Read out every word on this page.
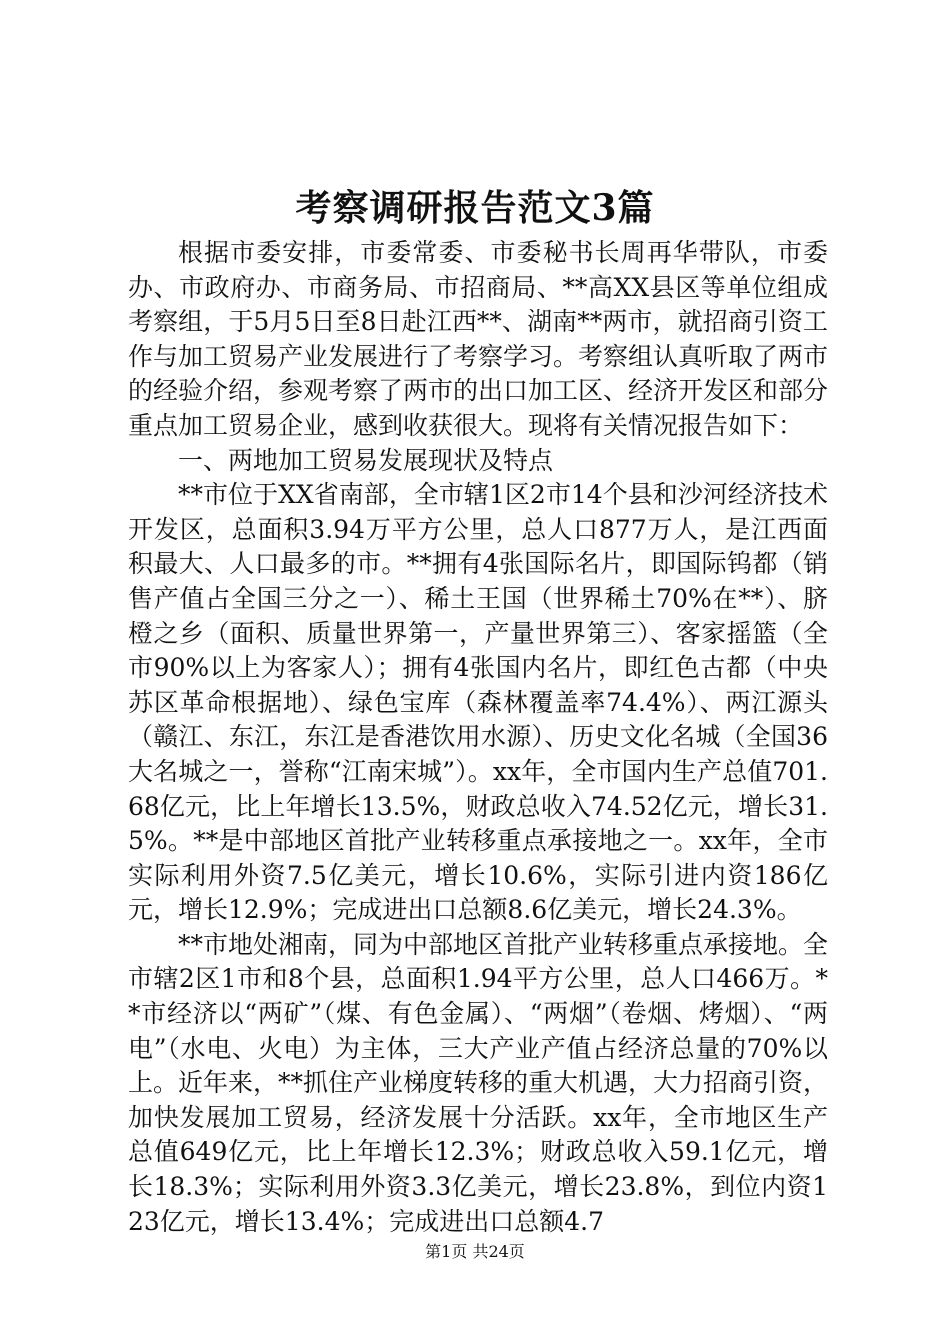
考察调研报告范文3篇

根据市委安排，市委常委、市委秘书长周再华带队，市委办、市政府办、市商务局、市招商局、**高XX县区等单位组成考察组，于5月5日至8日赴江西**、湖南**两市，就招商引资工作与加工贸易产业发展进行了考察学习。考察组认真听取了两市的经验介绍，参观考察了两市的出口加工区、经济开发区和部分重点加工贸易企业，感到收获很大。现将有关情况报告如下：

一、两地加工贸易发展现状及特点

**市位于XX省南部，全市辖1区2市14个县和沙河经济技术开发区，总面积3.94万平方公里，总人口877万人，是江西面积最大、人口最多的市。**拥有4张国际名片，即国际钨都（销售产值占全国三分之一）、稀土王国（世界稀土70%在**）、脐橙之乡（面积、质量世界第一，产量世界第三）、客家摇篮（全市90%以上为客家人）；拥有4张国内名片，即红色古都（中央苏区革命根据地）、绿色宝库（森林覆盖率74.4%）、两江源头（赣江、东江，东江是香港饮用水源）、历史文化名城（全国36大名城之一，誉称“江南宋城”）。xx年，全市国内生产总值701.68亿元，比上年增长13.5%，财政总收入74.52亿元，增长31.5%。**是中部地区首批产业转移重点承接地之一。xx年，全市实际利用外资7.5亿美元，增长10.6%，实际引进内资186亿元，增长12.9%；完成进出口总额8.6亿美元，增长24.3%。

**市地处湘南，同为中部地区首批产业转移重点承接地。全市辖2区1市和8个县，总面积1.94平方公里，总人口466万。**市经济以“两矿”（煤、有色金属）、“两烟”（卷烟、烤烟）、“两电”（水电、火电）为主体，三大产业产值占经济总量的70%以上。近年来，**抓住产业梯度转移的重大机遇，大力招商引资，加快发展加工贸易，经济发展十分活跃。xx年，全市地区生产总值649亿元，比上年增长12.3%；财政总收入59.1亿元，增长18.3%；实际利用外资3.3亿美元，增长23.8%，到位内资123亿元，增长13.4%；完成进出口总额4.7

第1页 共24页
